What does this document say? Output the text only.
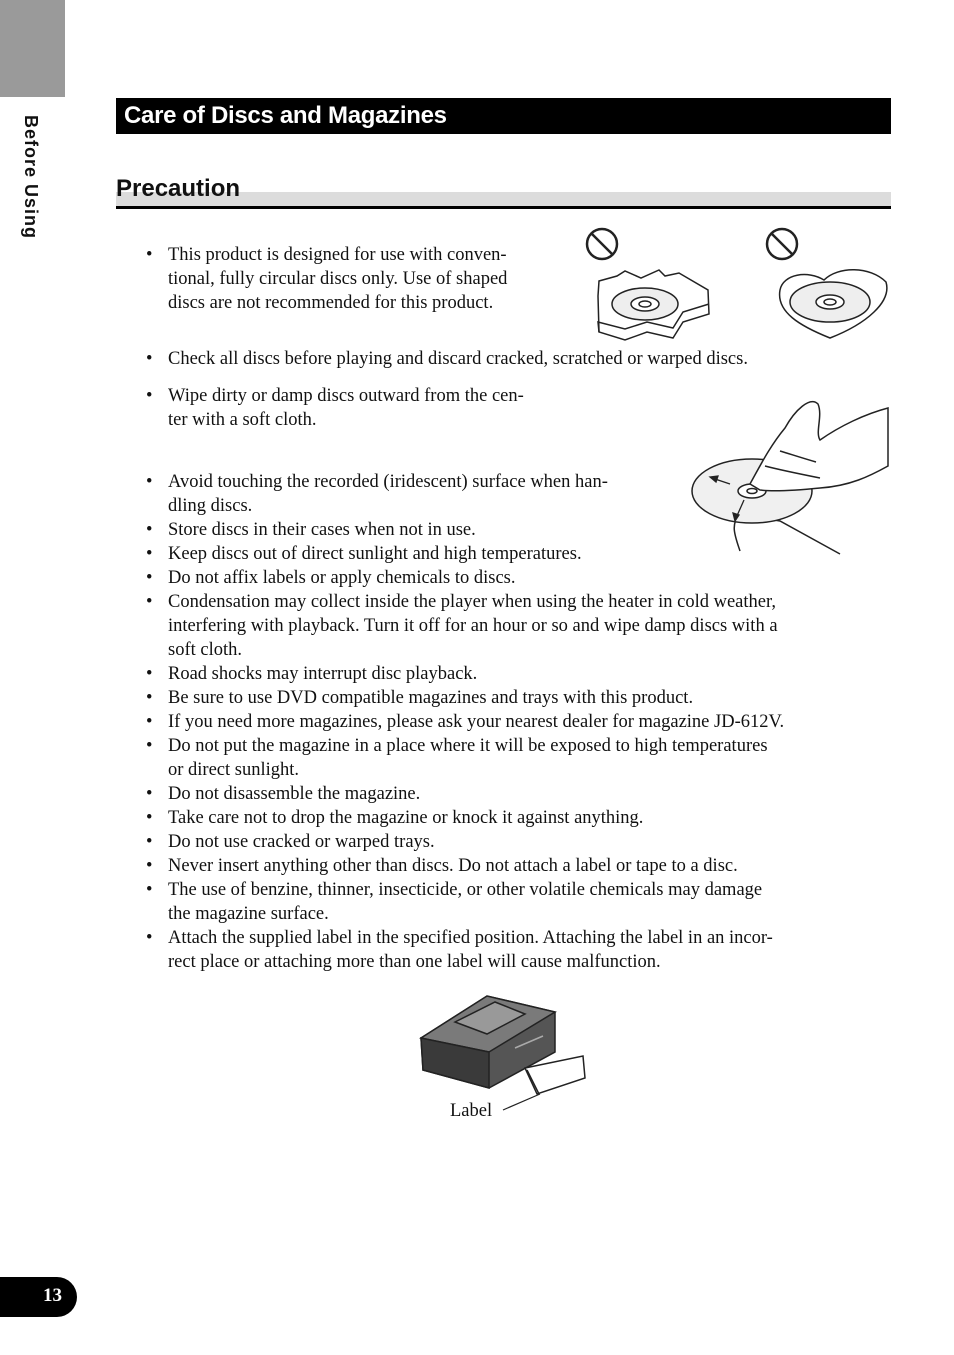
Before Using	Care of Discs and Magazines
Precaution
• This product is designed for use with conven-
tional, fully circular discs only. Use of shaped
discs are not recommended for this product.
• Check all discs before playing and discard cracked, scratched or warped discs.
• Wipe dirty or damp discs outward from the cen-
ter with a soft cloth.
• Avoid touching the recorded (iridescent) surface when han-
dling discs.
• Store discs in their cases when not in use.
• Keep discs out of direct sunlight and high temperatures.
• Do not affix labels or apply chemicals to discs.
• Condensation may collect inside the player when using the heater in cold weather,
interfering with playback. Turn it off for an hour or so and wipe damp discs with a
soft cloth.
• Road shocks may interrupt disc playback.
• Be sure to use DVD compatible magazines and trays with this product.
• If you need more magazines, please ask your nearest dealer for magazine JD-612V.
• Do not put the magazine in a place where it will be exposed to high temperatures
or direct sunlight.
• Do not disassemble the magazine.
• Take care not to drop the magazine or knock it against anything.
• Do not use cracked or warped trays.
• Never insert anything other than discs. Do not attach a label or tape to a disc.
• The use of benzine, thinner, insecticide, or other volatile chemicals may damage
the magazine surface.
• Attach the supplied label in the specified position. Attaching the label in an incor-
rect place or attaching more than one label will cause malfunction.
Label
13
